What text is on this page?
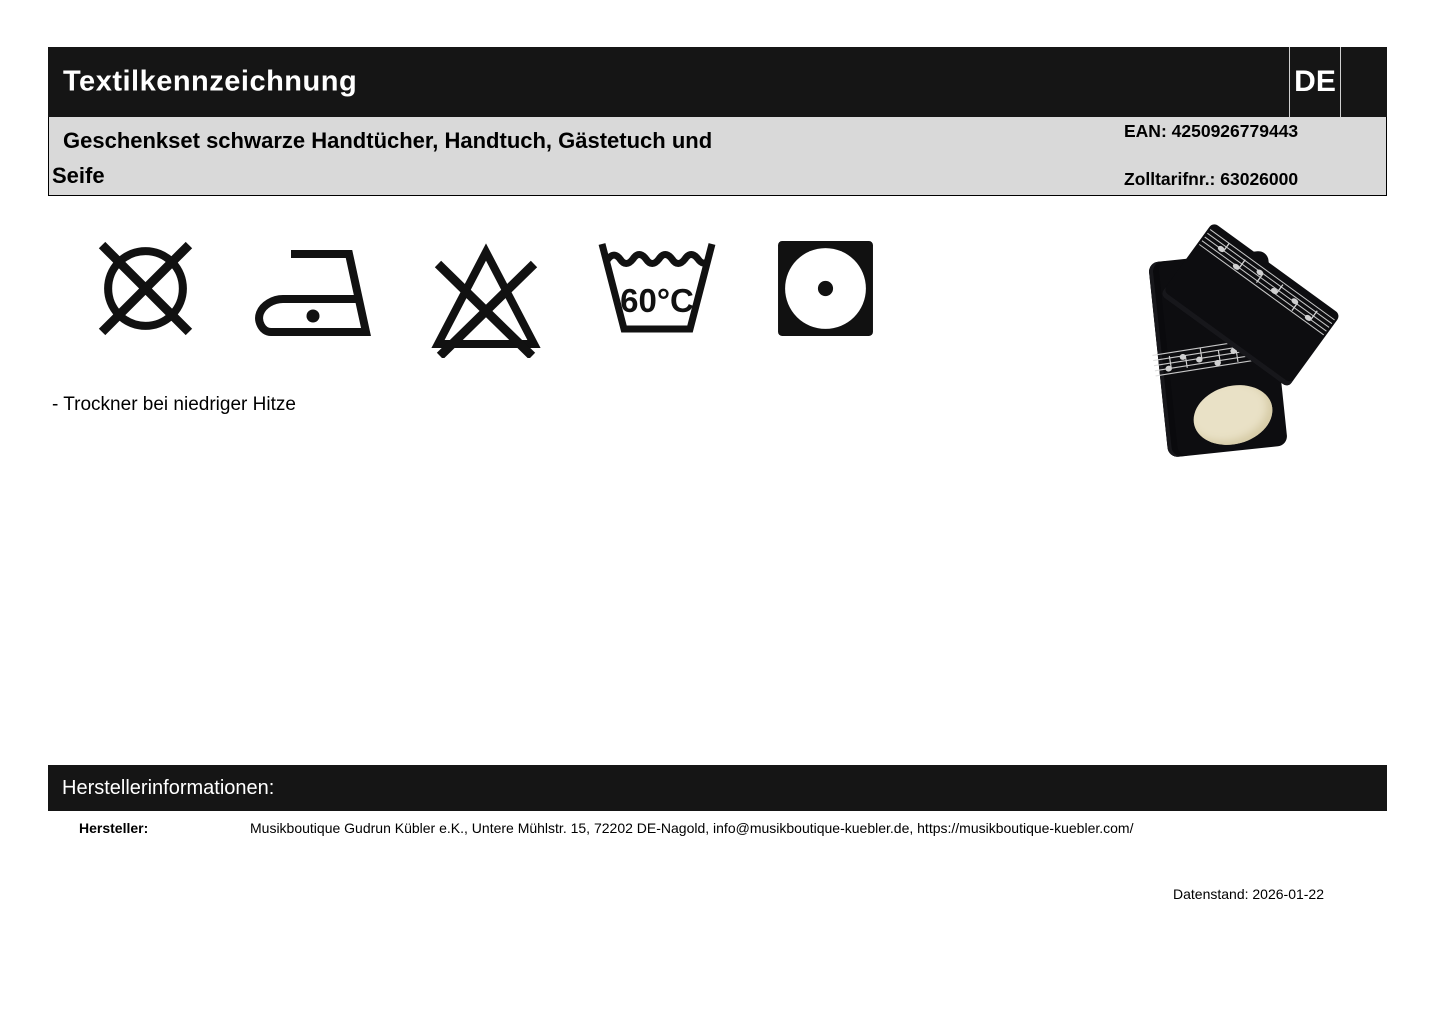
Textilkennzeichnung	DE
Geschenkset schwarze Handtücher, Handtuch, Gästetuch und
Seife
EAN: 4250926779443
Zolltarifnr.: 63026000
60°C
- Trockner bei niedriger Hitze
Herstellerinformationen:
Hersteller:	Musikboutique Gudrun Kübler e.K., Untere Mühlstr. 15, 72202 DE-Nagold, info@musikboutique-kuebler.de, https://musikboutique-kuebler.com/
Datenstand: 2026-01-22
